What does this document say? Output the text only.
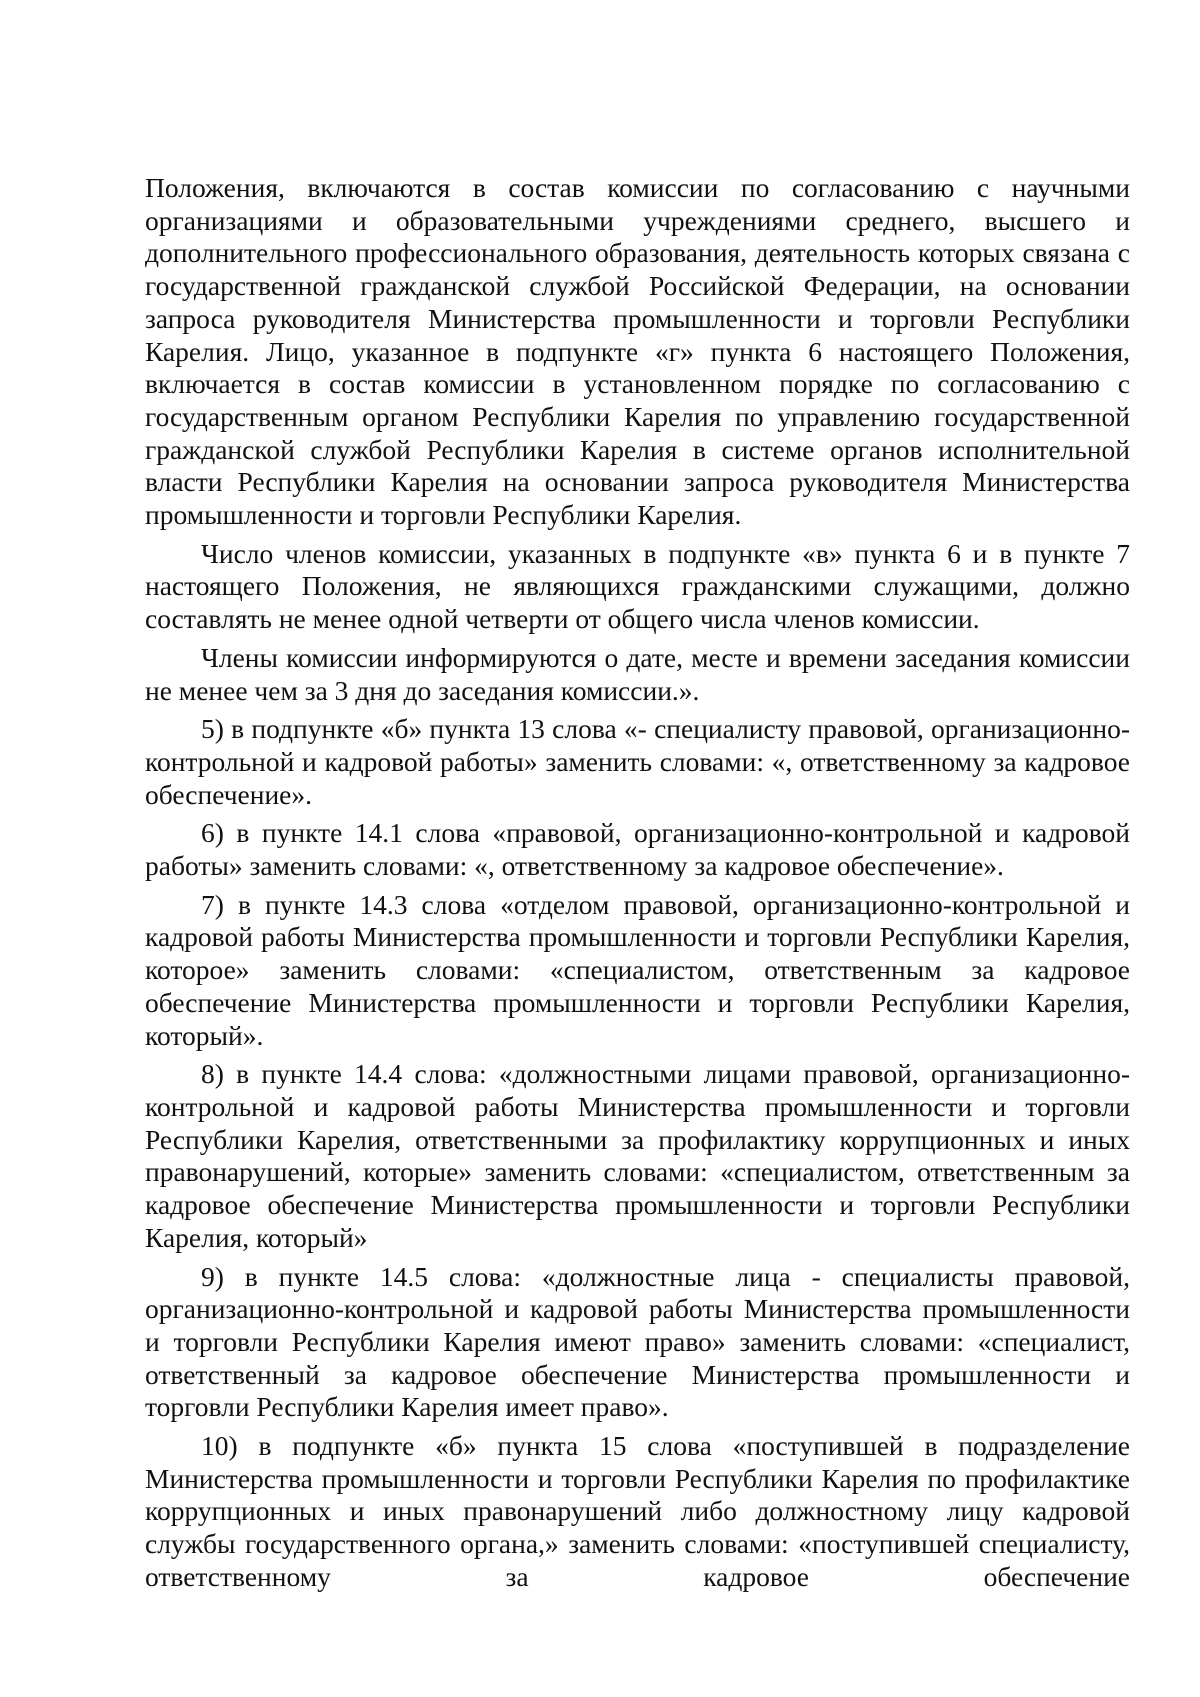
Положения, включаются в состав комиссии по согласованию с научными организациями и образовательными учреждениями среднего, высшего и дополнительного профессионального образования, деятельность которых связана с государственной гражданской службой Российской Федерации, на основании запроса руководителя Министерства промышленности и торговли Республики Карелия. Лицо, указанное в подпункте «г» пункта 6 настоящего Положения, включается в состав комиссии в установленном порядке по согласованию с государственным органом Республики Карелия по управлению государственной гражданской службой Республики Карелия в системе органов исполнительной власти Республики Карелия на основании запроса руководителя Министерства промышленности и торговли Республики Карелия.

Число членов комиссии, указанных в подпункте «в» пункта 6 и в пункте 7 настоящего Положения, не являющихся гражданскими служащими, должно составлять не менее одной четверти от общего числа членов комиссии.

Члены комиссии информируются о дате, месте и времени заседания комиссии не менее чем за 3 дня до заседания комиссии.».

5) в подпункте «б» пункта 13 слова «- специалисту правовой, организационно-контрольной и кадровой работы» заменить словами: «, ответственному за кадровое обеспечение».

6) в пункте 14.1 слова «правовой, организационно-контрольной и кадровой работы» заменить словами: «, ответственному за кадровое обеспечение».

7) в пункте 14.3 слова «отделом правовой, организационно-контрольной и кадровой работы Министерства промышленности и торговли Республики Карелия, которое» заменить словами: «специалистом, ответственным за кадровое обеспечение Министерства промышленности и торговли Республики Карелия, который».

8) в пункте 14.4 слова: «должностными лицами правовой, организационно-контрольной и кадровой работы Министерства промышленности и торговли Республики Карелия, ответственными за профилактику коррупционных и иных правонарушений, которые» заменить словами: «специалистом, ответственным за кадровое обеспечение Министерства промышленности и торговли Республики Карелия, который»

9) в пункте 14.5 слова: «должностные лица - специалисты правовой, организационно-контрольной и кадровой работы Министерства промышленности и торговли Республики Карелия имеют право» заменить словами: «специалист, ответственный за кадровое обеспечение Министерства промышленности и торговли Республики Карелия имеет право».

10) в подпункте «б» пункта 15 слова «поступившей в подразделение Министерства промышленности и торговли Республики Карелия по профилактике коррупционных и иных правонарушений либо должностному лицу кадровой службы государственного органа,» заменить словами: «поступившей специалисту, ответственному за кадровое обеспечение
